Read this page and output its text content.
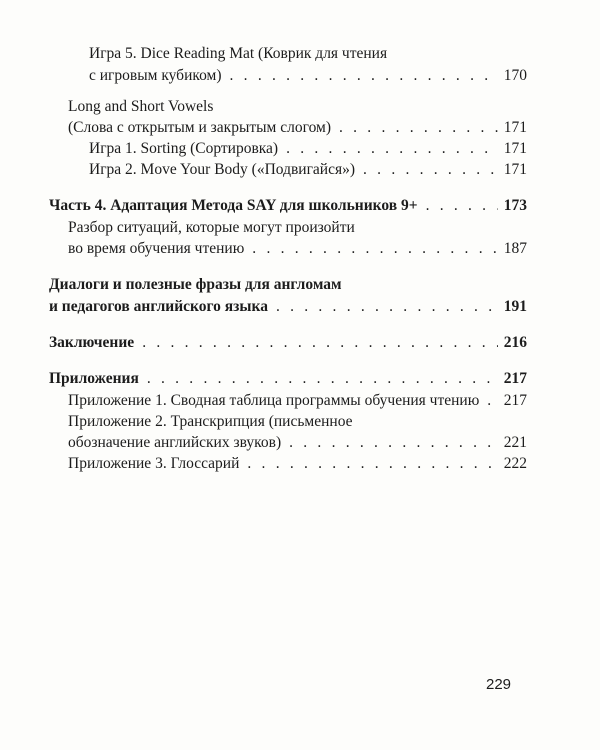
Игра 5. Dice Reading Mat (Коврик для чтения
с игровым кубиком) . . .	170
Long and Short Vowels
(Слова с открытым и закрытым слогом) . . .	171
Игра 1. Sorting (Сортировка) . . .	171
Игра 2. Move Your Body («Подвигайся») . . .	171
Часть 4. Адаптация Метода SAY для школьников 9+ . . .	173
Разбор ситуаций, которые могут произойти
во время обучения чтению . . .	187
Диалоги и полезные фразы для англомам
и педагогов английского языка . . .	191
Заключение . . .	216
Приложения . . .	217
Приложение 1. Сводная таблица программы обучения чтению . . . 217
Приложение 2. Транскрипция (письменное
обозначение английских звуков) . . .	221
Приложение 3. Глоссарий . . .	222
229
